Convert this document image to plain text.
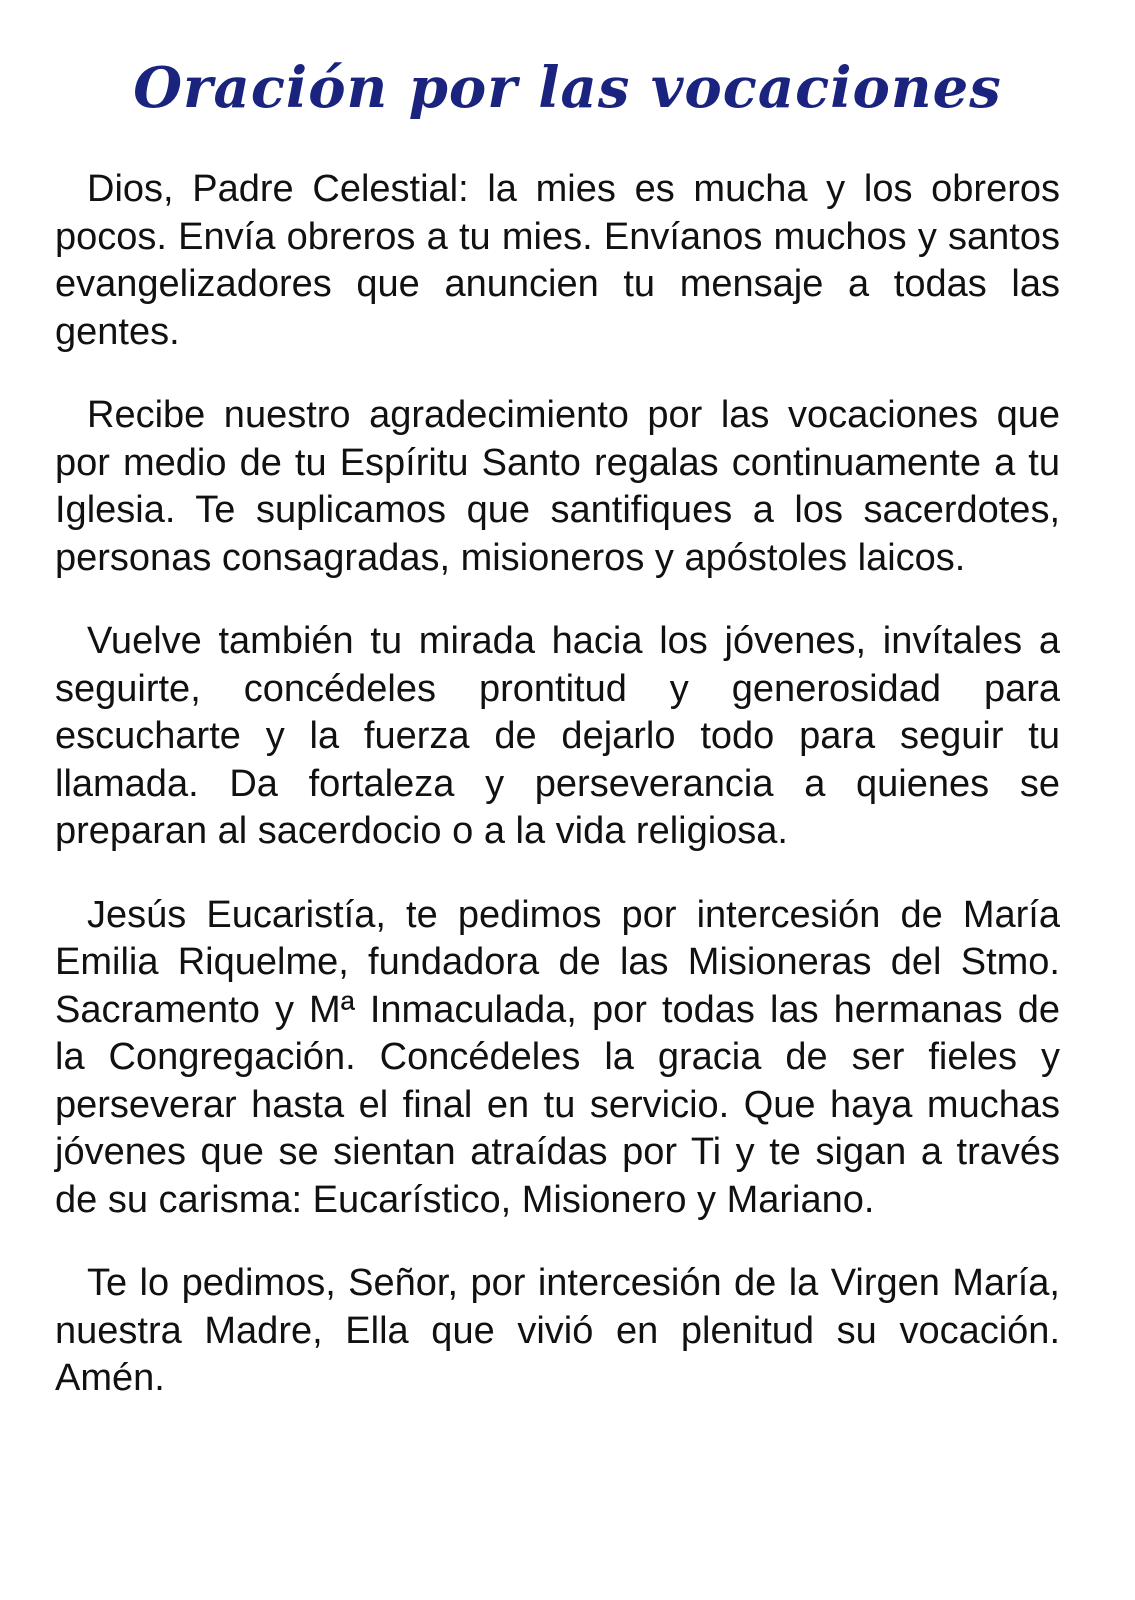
Oración por las vocaciones

Dios, Padre Celestial: la mies es mucha y los obreros pocos. Envía obreros a tu mies. Envíanos muchos y santos evangelizadores que anuncien tu mensaje a todas las gentes.

Recibe nuestro agradecimiento por las vocaciones que por medio de tu Espíritu Santo regalas continuamente a tu Iglesia. Te suplicamos que santifiques a los sacerdotes, personas consagradas, misioneros y apóstoles laicos.

Vuelve también tu mirada hacia los jóvenes, invítales a seguirte, concédeles prontitud y generosidad para escucharte y la fuerza de dejarlo todo para seguir tu llamada. Da fortaleza y perseverancia a quienes se preparan al sacerdocio o a la vida religiosa.

Jesús Eucaristía, te pedimos por intercesión de María Emilia Riquelme, fundadora de las Misioneras del Stmo. Sacramento y Mª Inmaculada, por todas las hermanas de la Congregación. Concédeles la gracia de ser fieles y perseverar hasta el final en tu servicio. Que haya muchas jóvenes que se sientan atraídas por Ti y te sigan a través de su carisma: Eucarístico, Misionero y Mariano.

Te lo pedimos, Señor, por intercesión de la Virgen María, nuestra Madre, Ella que vivió en plenitud su vocación. Amén.
